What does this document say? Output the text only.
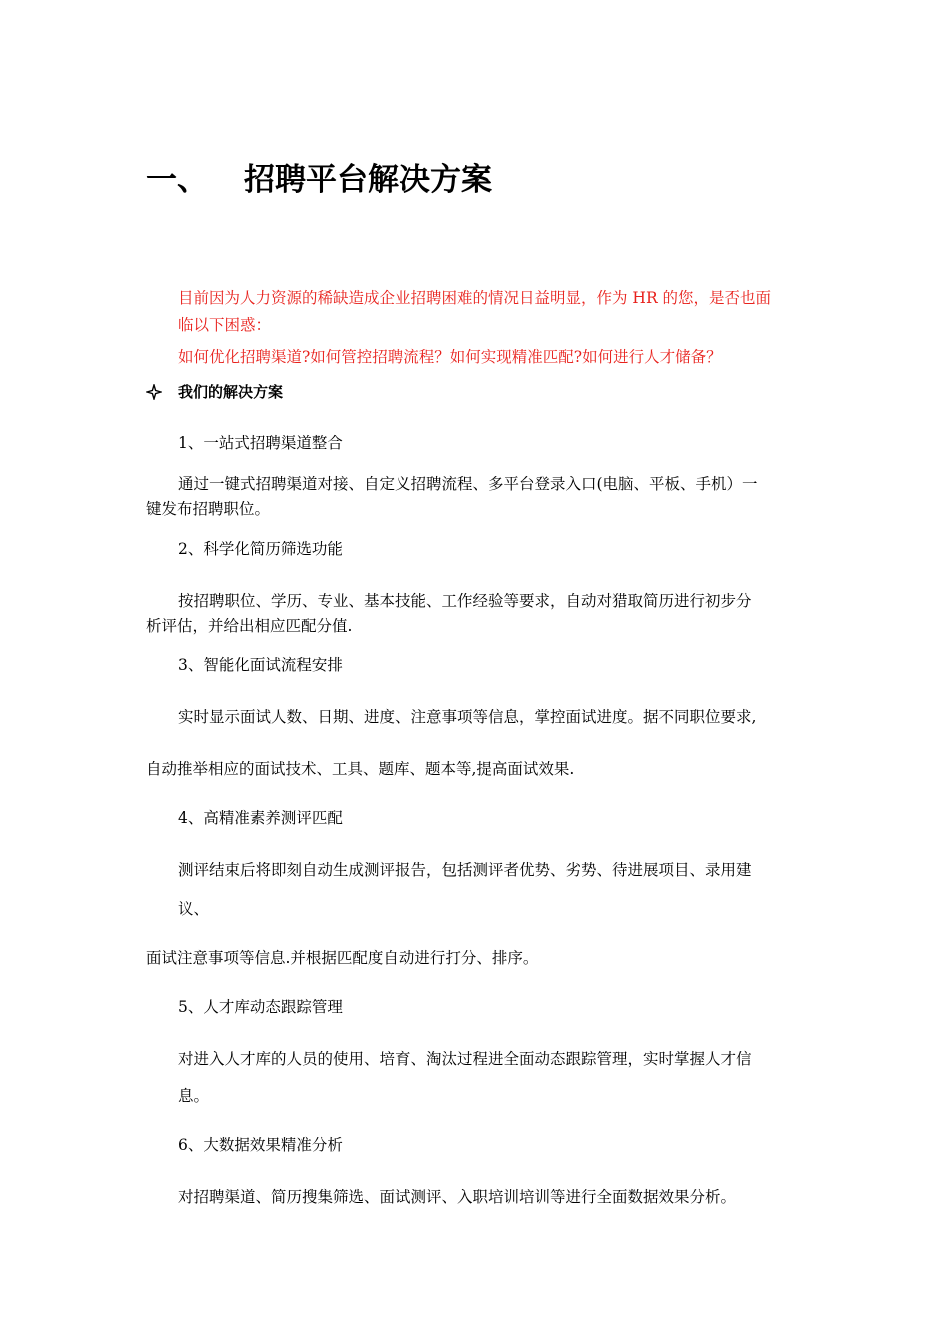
一、 招聘平台解决方案
目前因为人力资源的稀缺造成企业招聘困难的情况日益明显，作为 HR 的您，是否也面
临以下困惑：
如何优化招聘渠道?如何管控招聘流程？如何实现精准匹配?如何进行人才储备？
我们的解决方案
1、一站式招聘渠道整合
通过一键式招聘渠道对接、自定义招聘流程、多平台登录入口(电脑、平板、手机）一
键发布招聘职位。
2、科学化简历筛选功能
按招聘职位、学历、专业、基本技能、工作经验等要求，自动对猎取简历进行初步分
析评估，并给出相应匹配分值.
3、智能化面试流程安排
实时显示面试人数、日期、进度、注意事项等信息，掌控面试进度。据不同职位要求,
自动推举相应的面试技术、工具、题库、题本等,提高面试效果.
4、高精准素养测评匹配
测评结束后将即刻自动生成测评报告，包括测评者优势、劣势、待进展项目、录用建
议、
面试注意事项等信息.并根据匹配度自动进行打分、排序。
5、人才库动态跟踪管理
对进入人才库的人员的使用、培育、淘汰过程进全面动态跟踪管理，实时掌握人才信
息。
6、大数据效果精准分析
对招聘渠道、简历搜集筛选、面试测评、入职培训培训等进行全面数据效果分析。
